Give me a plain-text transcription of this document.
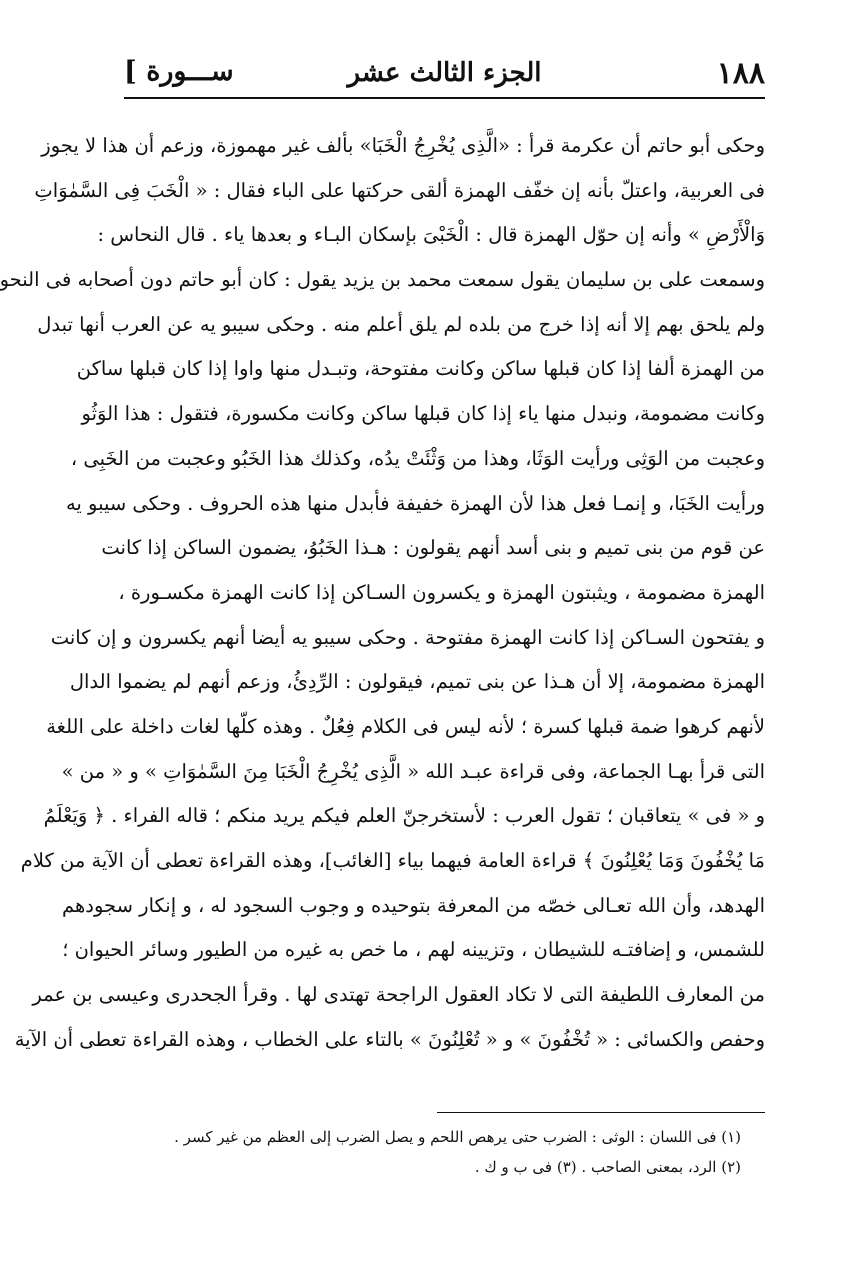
١٨٨
الجزء الثالث عشر
[ ســـورة
وحكى أبو حاتم أن عكرمة قرأ : «الَّذِى يُخْرِجُ الْخَبَا» بألف غير مهموزة، وزعم أن هذا لا يجوز
فى العربية، واعتلّ بأنه إن خفّف الهمزة ألقى حركتها على الباء فقال : « الْخَبَ فِى السَّمٰوَاتِ
وَالْأَرْضِ » وأنه إن حوّل الهمزة قال : الْخَبْىَ بإسكان البـاء و بعدها ياء . قال النحاس :
وسمعت على بن سليمان يقول سمعت محمد بن يزيد يقول : كان أبو حاتم دون أصحابه فى النحو
ولم يلحق بهم إلا أنه إذا خرج من بلده لم يلق أعلم منه . وحكى سيبو يه عن العرب أنها تبدل
من الهمزة ألفا إذا كان قبلها ساكن وكانت مفتوحة، وتبـدل منها واوا إذا كان قبلها ساكن
وكانت مضمومة، ونبدل منها ياء إذا كان قبلها ساكن وكانت مكسورة، فتقول : هذا الوَثُو
وعجبت من الوَثِى ورأيت الوَثَا، وهذا من وَثْئَتْ يدُه، وكذلك هذا الخَبُو وعجبت من الخَبِى ،
ورأيت الخَبَا، و إنمـا فعل هذا لأن الهمزة خفيفة فأبدل منها هذه الحروف . وحكى سيبو يه
عن قوم من بنى تميم و بنى أسد أنهم يقولون : هـذا الخَبُوُ، يضمون الساكن إذا كانت
الهمزة مضمومة ، ويثبتون الهمزة و يكسرون السـاكن إذا كانت الهمزة مكسـورة ،
و يفتحون السـاكن إذا كانت الهمزة مفتوحة . وحكى سيبو يه أيضا أنهم يكسرون و إن كانت
الهمزة مضمومة، إلا أن هـذا عن بنى تميم، فيقولون : الرِّدِئُ، وزعم أنهم لم يضموا الدال
لأنهم كرهوا ضمة قبلها كسرة ؛ لأنه ليس فى الكلام فِعُلٌ . وهذه كلّها لغات داخلة على اللغة
التى قرأ بهـا الجماعة، وفى قراءة عبـد الله « الَّذِى يُخْرِجُ الْخَبَا مِنَ السَّمٰوَاتِ » و « من »
و « فى » يتعاقبان ؛ تقول العرب : لأستخرجنّ العلم فيكم يريد منكم ؛ قاله الفراء . ﴿ وَيَعْلَمُ
مَا يُخْفُونَ وَمَا يُعْلِنُونَ ﴾ قراءة العامة فيهما بياء [الغائب]، وهذه القراءة تعطى أن الآية من كلام
الهدهد، وأن الله تعـالى خصّه من المعرفة بتوحيده و وجوب السجود له ، و إنكار سجودهم
للشمس، و إضافتـه للشيطان ، وتزيينه لهم ، ما خص به غيره من الطيور وسائر الحيوان ؛
من المعارف اللطيفة التى لا تكاد العقول الراجحة تهتدى لها . وقرأ الجحدرى وعيسى بن عمر
وحفص والكسائى : « تُخْفُونَ » و « تُعْلِنُونَ » بالتاء على الخطاب ، وهذه القراءة تعطى أن الآية
(١) فى اللسان : الوثى : الضرب حتى يرهص اللحم و يصل الضرب إلى العظم من غير كسر .
(٢) الرد، بمعنى الصاحب . (٣) فى ب و ك .
